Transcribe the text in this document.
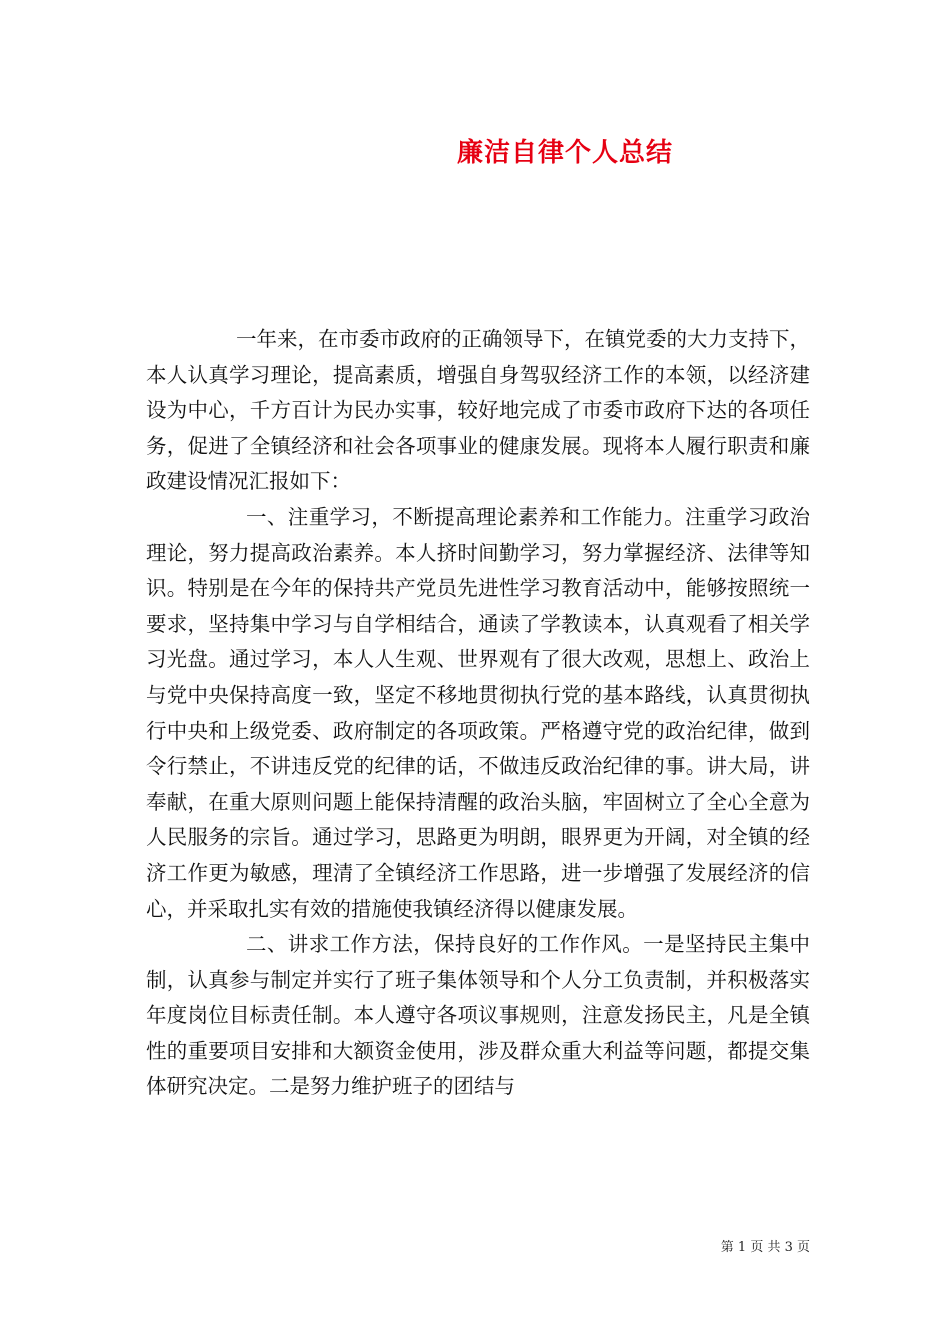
廉洁自律个人总结

一年来，在市委市政府的正确领导下，在镇党委的大力支持下，本人认真学习理论，提高素质，增强自身驾驭经济工作的本领，以经济建设为中心，千方百计为民办实事，较好地完成了市委市政府下达的各项任务，促进了全镇经济和社会各项事业的健康发展。现将本人履行职责和廉政建设情况汇报如下：

一、注重学习，不断提高理论素养和工作能力。注重学习政治理论，努力提高政治素养。本人挤时间勤学习，努力掌握经济、法律等知识。特别是在今年的保持共产党员先进性学习教育活动中，能够按照统一要求，坚持集中学习与自学相结合，通读了学教读本，认真观看了相关学习光盘。通过学习，本人人生观、世界观有了很大改观，思想上、政治上与党中央保持高度一致，坚定不移地贯彻执行党的基本路线，认真贯彻执行中央和上级党委、政府制定的各项政策。严格遵守党的政治纪律，做到令行禁止，不讲违反党的纪律的话，不做违反政治纪律的事。讲大局，讲奉献，在重大原则问题上能保持清醒的政治头脑，牢固树立了全心全意为人民服务的宗旨。通过学习，思路更为明朗，眼界更为开阔，对全镇的经济工作更为敏感，理清了全镇经济工作思路，进一步增强了发展经济的信心，并采取扎实有效的措施使我镇经济得以健康发展。

二、讲求工作方法，保持良好的工作作风。一是坚持民主集中制，认真参与制定并实行了班子集体领导和个人分工负责制，并积极落实年度岗位目标责任制。本人遵守各项议事规则，注意发扬民主，凡是全镇性的重要项目安排和大额资金使用，涉及群众重大利益等问题，都提交集体研究决定。二是努力维护班子的团结与

第 1 页 共 3 页
